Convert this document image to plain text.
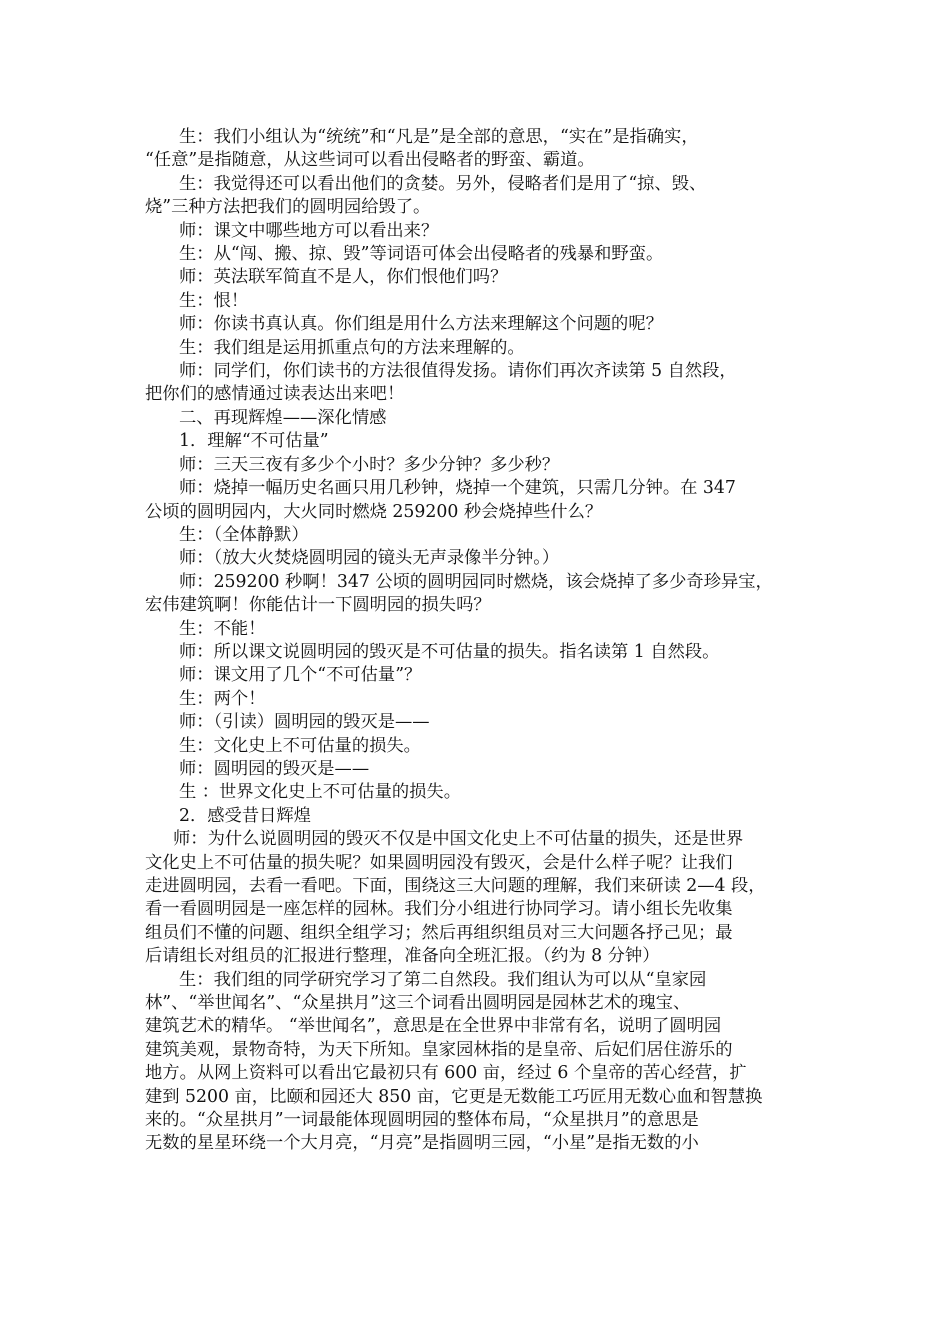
生：我们小组认为“统统”和“凡是”是全部的意思，“实在”是指确实，

“任意”是指随意，从这些词可以看出侵略者的野蛮、霸道。

生：我觉得还可以看出他们的贪婪。另外，侵略者们是用了“掠、毁、

烧”三种方法把我们的圆明园给毁了。

师：课文中哪些地方可以看出来？

生：从“闯、搬、掠、毁”等词语可体会出侵略者的残暴和野蛮。

师：英法联军简直不是人，你们恨他们吗？

生：恨！

师：你读书真认真。你们组是用什么方法来理解这个问题的呢？

生：我们组是运用抓重点句的方法来理解的。

师：同学们，你们读书的方法很值得发扬。请你们再次齐读第 5 自然段，

把你们的感情通过读表达出来吧！

二、再现辉煌——深化情感

1．理解“不可估量”

师：三天三夜有多少个小时？多少分钟？多少秒？

师：烧掉一幅历史名画只用几秒钟，烧掉一个建筑，只需几分钟。在 347

公顷的圆明园内，大火同时燃烧 259200 秒会烧掉些什么？

生：（全体静默）

师：（放大火焚烧圆明园的镜头无声录像半分钟。）

师：259200 秒啊！347 公顷的圆明园同时燃烧，该会烧掉了多少奇珍异宝，

宏伟建筑啊！你能估计一下圆明园的损失吗？

生：不能！

师：所以课文说圆明园的毁灭是不可估量的损失。指名读第 1 自然段。

师：课文用了几个“不可估量”？

生：两个！

师：（引读）圆明园的毁灭是——

生：文化史上不可估量的损失。

师：圆明园的毁灭是——

生 ：世界文化史上不可估量的损失。

2．感受昔日辉煌

师：为什么说圆明园的毁灭不仅是中国文化史上不可估量的损失，还是世界

文化史上不可估量的损失呢？如果圆明园没有毁灭，会是什么样子呢？让我们

走进圆明园，去看一看吧。下面，围绕这三大问题的理解，我们来研读 2—4 段，

看一看圆明园是一座怎样的园林。我们分小组进行协同学习。请小组长先收集

组员们不懂的问题、组织全组学习；然后再组织组员对三大问题各抒己见；最

后请组长对组员的汇报进行整理，准备向全班汇报。（约为 8 分钟）

生：我们组的同学研究学习了第二自然段。我们组认为可以从“皇家园

林”、“举世闻名”、“众星拱月”这三个词看出圆明园是园林艺术的瑰宝、

建筑艺术的精华。 “举世闻名”，意思是在全世界中非常有名，说明了圆明园

建筑美观，景物奇特，为天下所知。皇家园林指的是皇帝、后妃们居住游乐的

地方。从网上资料可以看出它最初只有 600 亩，经过 6 个皇帝的苦心经营，扩

建到 5200 亩，比颐和园还大 850 亩，它更是无数能工巧匠用无数心血和智慧换

来的。“众星拱月”一词最能体现圆明园的整体布局，“众星拱月”的意思是

无数的星星环绕一个大月亮，“月亮”是指圆明三园，“小星”是指无数的小
